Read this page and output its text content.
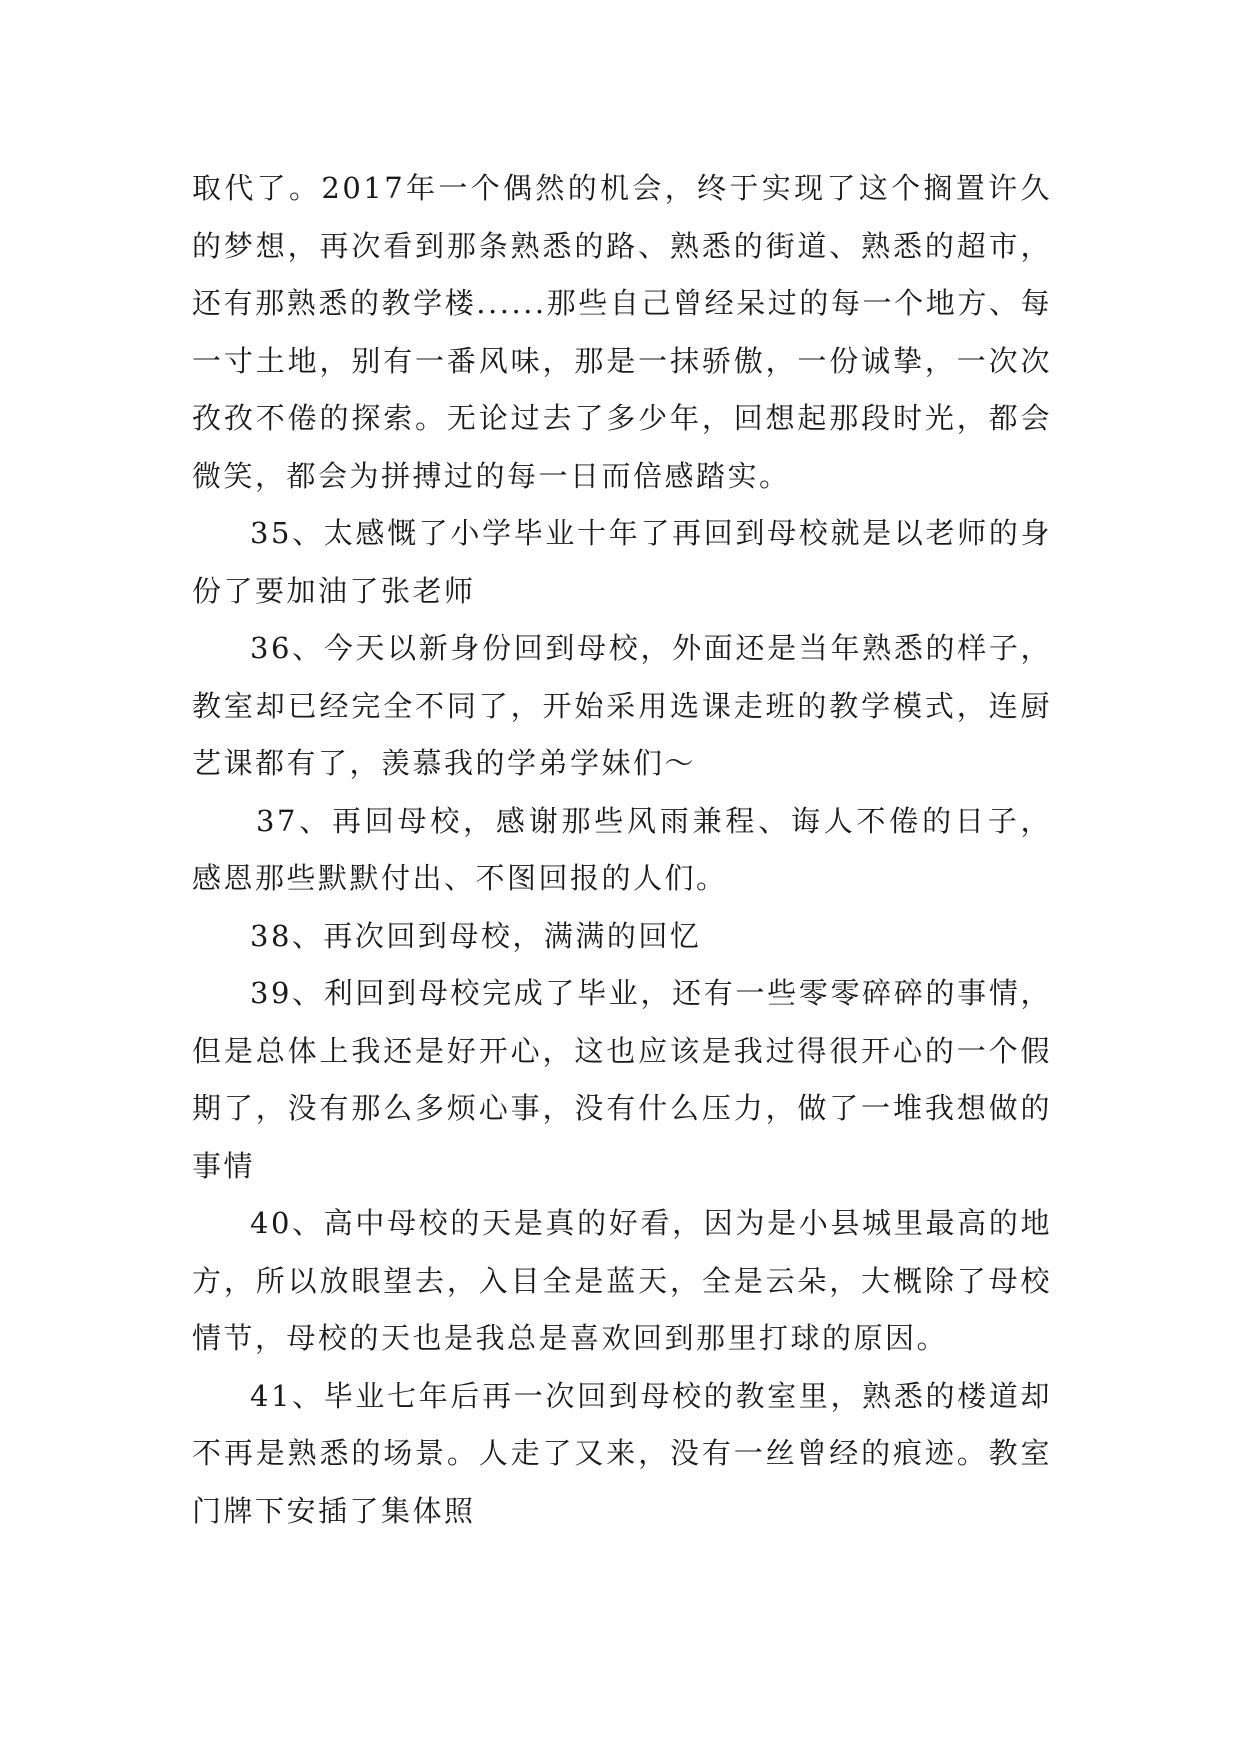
取代了。2017年一个偶然的机会，终于实现了这个搁置许久的梦想，再次看到那条熟悉的路、熟悉的街道、熟悉的超市，还有那熟悉的教学楼......那些自己曾经呆过的每一个地方、每一寸土地，别有一番风味，那是一抹骄傲，一份诚挚，一次次孜孜不倦的探索。无论过去了多少年，回想起那段时光，都会微笑，都会为拼搏过的每一日而倍感踏实。

35、太感慨了小学毕业十年了再回到母校就是以老师的身份了要加油了张老师

36、今天以新身份回到母校，外面还是当年熟悉的样子，教室却已经完全不同了，开始采用选课走班的教学模式，连厨艺课都有了，羡慕我的学弟学妹们～

37、再回母校，感谢那些风雨兼程、诲人不倦的日子，感恩那些默默付出、不图回报的人们。

38、再次回到母校，满满的回忆

39、利回到母校完成了毕业，还有一些零零碎碎的事情，但是总体上我还是好开心，这也应该是我过得很开心的一个假期了，没有那么多烦心事，没有什么压力，做了一堆我想做的事情

40、高中母校的天是真的好看，因为是小县城里最高的地方，所以放眼望去，入目全是蓝天，全是云朵，大概除了母校情节，母校的天也是我总是喜欢回到那里打球的原因。

41、毕业七年后再一次回到母校的教室里，熟悉的楼道却不再是熟悉的场景。人走了又来，没有一丝曾经的痕迹。教室门牌下安插了集体照
